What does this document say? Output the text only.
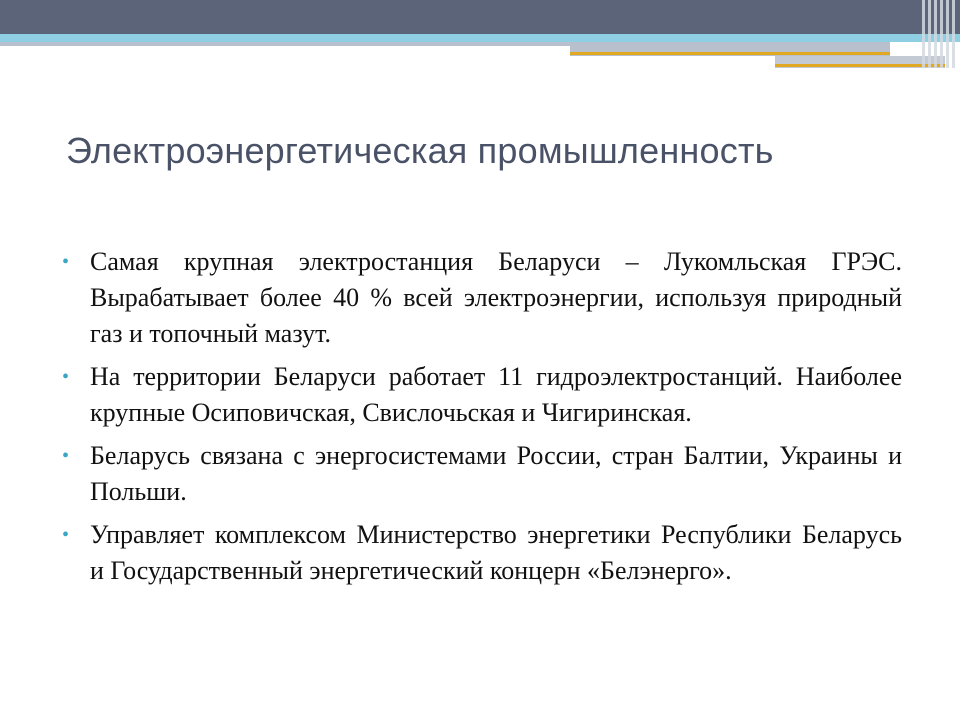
Электроэнергетическая промышленность
• Самая крупная электростанция Беларуси – Лукомльская ГРЭС. Вырабатывает более 40 % всей электроэнергии, используя природный газ и топочный мазут.
• На территории Беларуси работает 11 гидроэлектростанций. Наиболее крупные Осиповичская, Свислочьская и Чигиринская.
• Беларусь связана с энергосистемами России, стран Балтии, Украины и Польши.
• Управляет комплексом Министерство энергетики Республики Беларусь и Государственный энергетический концерн «Белэнерго».
